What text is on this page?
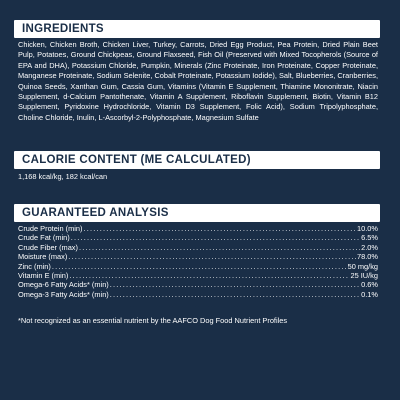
INGREDIENTS
Chicken, Chicken Broth, Chicken Liver, Turkey, Carrots, Dried Egg Product, Pea Protein, Dried Plain Beet Pulp, Potatoes, Ground Chickpeas, Ground Flaxseed, Fish Oil (Preserved with Mixed Tocopherols (Source of EPA and DHA), Potassium Chloride, Pumpkin, Minerals (Zinc Proteinate, Iron Proteinate, Copper Proteinate, Manganese Proteinate, Sodium Selenite, Cobalt Proteinate, Potassium Iodide), Salt, Blueberries, Cranberries, Quinoa Seeds, Xanthan Gum, Cassia Gum, Vitamins (Vitamin E Supplement, Thiamine Mononitrate, Niacin Supplement, d-Calcium Pantothenate, Vitamin A Supplement, Riboflavin Supplement, Biotin, Vitamin B12 Supplement, Pyridoxine Hydrochloride, Vitamin D3 Supplement, Folic Acid), Sodium Tripolyphosphate, Choline Chloride, Inulin, L-Ascorbyl-2-Polyphosphate, Magnesium Sulfate
CALORIE CONTENT (ME CALCULATED)
1,168 kcal/kg, 182 kcal/can
GUARANTEED ANALYSIS
Crude Protein (min) .....	10.0%
Crude Fat (min) .....	6.5%
Crude Fiber (max) .....	2.0%
Moisture (max) .....	78.0%
Zinc (min) .....	50 mg/kg
Vitamin E (min) .....	25 IU/kg
Omega-6 Fatty Acids* (min) .....	0.6%
Omega-3 Fatty Acids* (min) .....	0.1%
*Not recognized as an essential nutrient by the AAFCO Dog Food Nutrient Profiles
